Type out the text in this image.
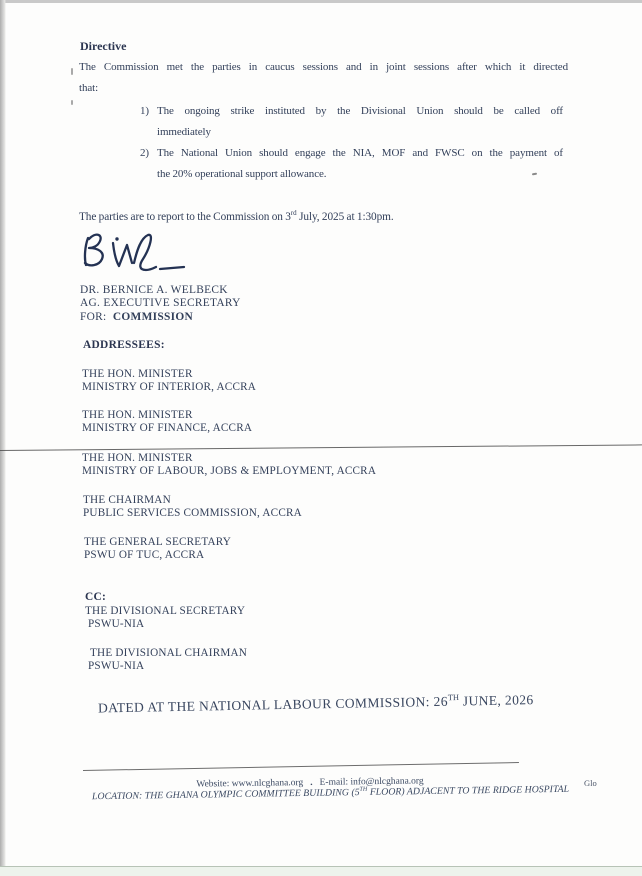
Directive
The Commission met the parties in caucus sessions and in joint sessions after which it directed
that:
1) The ongoing strike instituted by the Divisional Union should be called off
immediately
2) The National Union should engage the NIA, MOF and FWSC on the payment of
the 20% operational support allowance.
The parties are to report to the Commission on 3rd July, 2025 at 1:30pm.
DR. BERNICE A. WELBECK
AG. EXECUTIVE SECRETARY
FOR: COMMISSION
ADDRESSEES:
THE HON. MINISTER
MINISTRY OF INTERIOR, ACCRA
THE HON. MINISTER
MINISTRY OF FINANCE, ACCRA
THE HON. MINISTER
MINISTRY OF LABOUR, JOBS & EMPLOYMENT, ACCRA
THE CHAIRMAN
PUBLIC SERVICES COMMISSION, ACCRA
THE GENERAL SECRETARY
PSWU OF TUC, ACCRA
CC:
THE DIVISIONAL SECRETARY
PSWU-NIA
THE DIVISIONAL CHAIRMAN
PSWU-NIA
DATED AT THE NATIONAL LABOUR COMMISSION: 26TH JUNE, 2026
Website: www.nlcghana.org . E-mail: info@nlcghana.org
LOCATION: THE GHANA OLYMPIC COMMITTEE BUILDING (5TH FLOOR) ADJACENT TO THE RIDGE HOSPITAL
Glo
